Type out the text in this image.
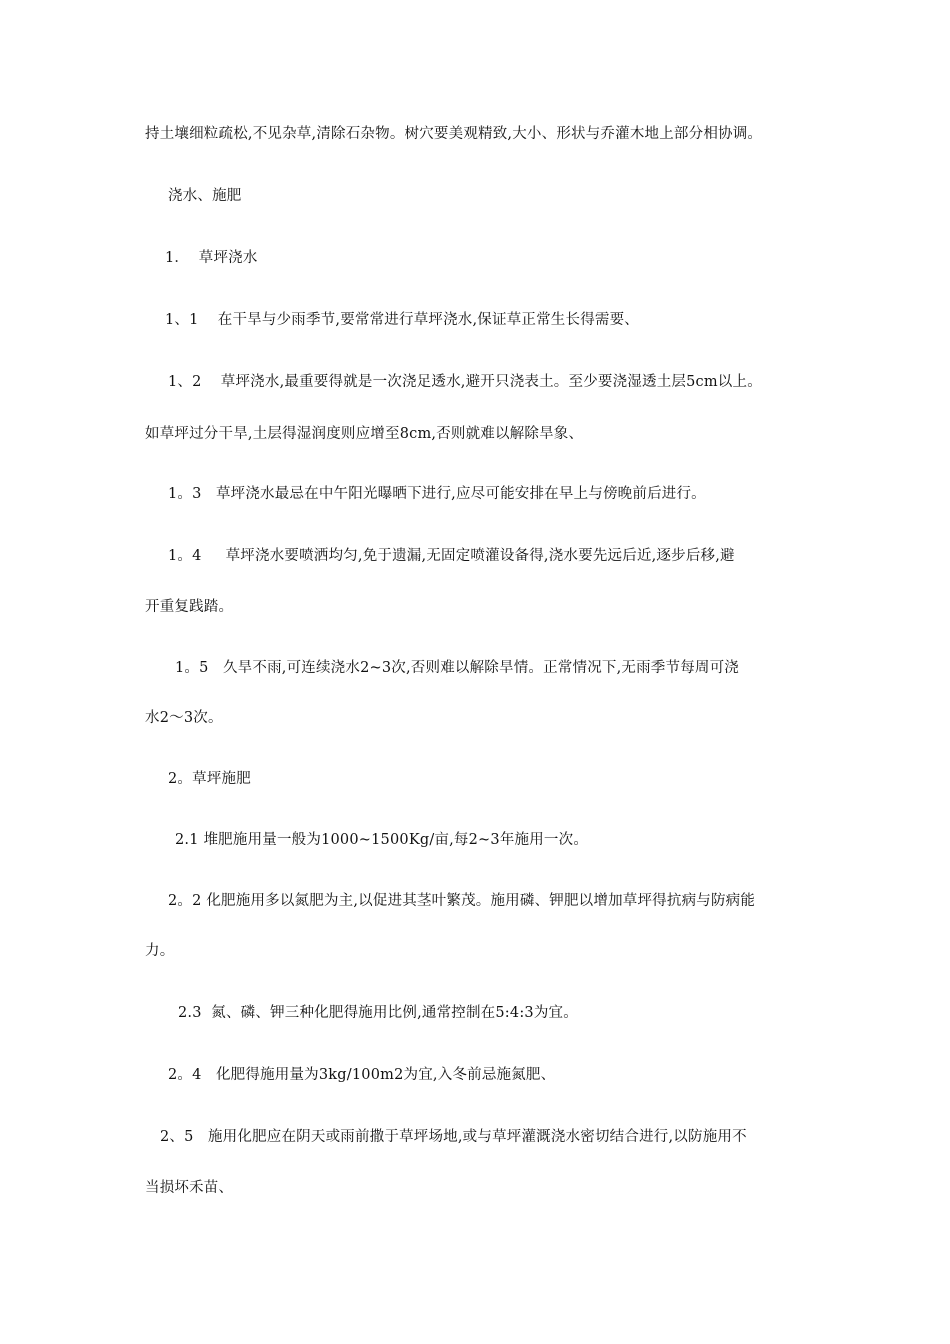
持土壤细粒疏松,不见杂草,清除石杂物。树穴要美观精致,大小、形状与乔灌木地上部分相协调。
浇水、施肥
1．  草坪浇水
1、1    在干旱与少雨季节,要常常进行草坪浇水,保证草正常生长得需要、
1、2    草坪浇水,最重要得就是一次浇足透水,避开只浇表土。至少要浇湿透土层5cm以上。
如草坪过分干旱,土层得湿润度则应增至8cm,否则就难以解除旱象、
1。3   草坪浇水最忌在中午阳光曝晒下进行,应尽可能安排在早上与傍晚前后进行。
1。4     草坪浇水要喷洒均匀,免于遗漏,无固定喷灌设备得,浇水要先远后近,逐步后移,避
开重复践踏。
1。5   久旱不雨,可连续浇水2~3次,否则难以解除旱情。正常情况下,无雨季节每周可浇
水2～3次。
2。草坪施肥
2.1 堆肥施用量一般为1000~1500Kg/亩,每2~3年施用一次。
2。2 化肥施用多以氮肥为主,以促进其茎叶繁茂。施用磷、钾肥以增加草坪得抗病与防病能
力。
2.3  氮、磷、钾三种化肥得施用比例,通常控制在5:4:3为宜。
2。4   化肥得施用量为3kg/100m2为宜,入冬前忌施氮肥、
2、5   施用化肥应在阴天或雨前撒于草坪场地,或与草坪灌溉浇水密切结合进行,以防施用不
当损坏禾苗、
